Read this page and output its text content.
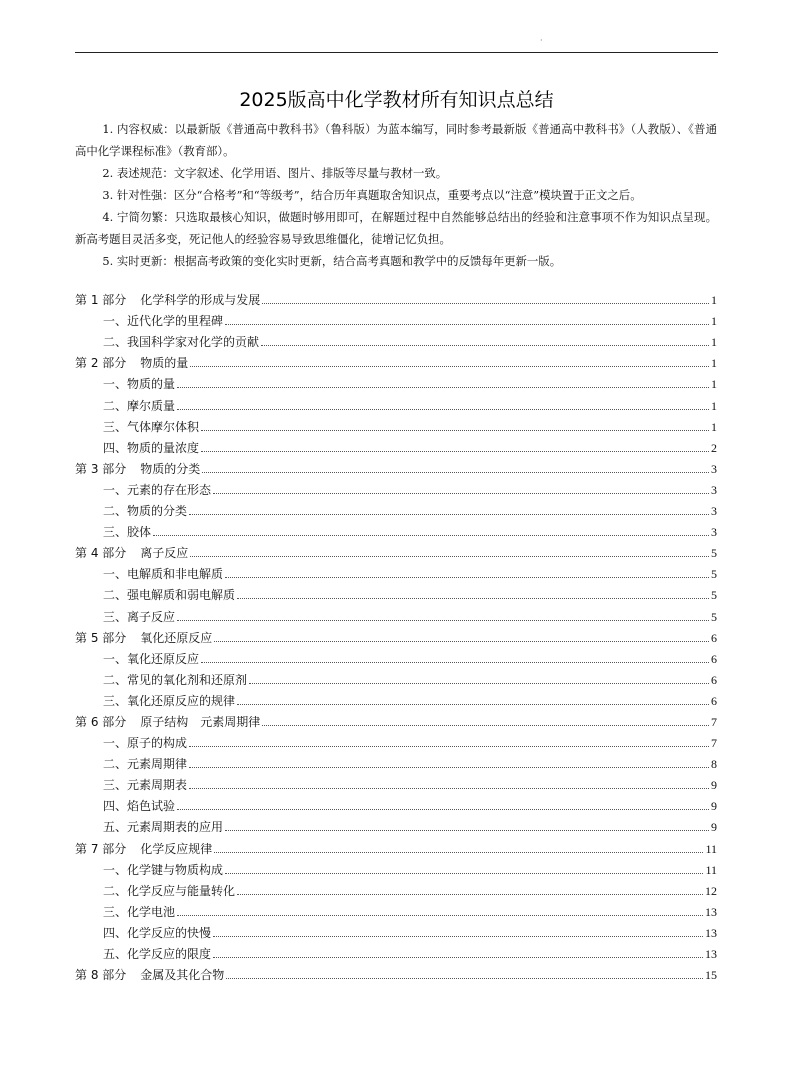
·
2025版高中化学教材所有知识点总结

1. 内容权威：以最新版《普通高中教科书》（鲁科版）为蓝本编写，同时参考最新版《普通高中教科书》（人教版）、《普通高中化学课程标准》（教育部）。

2. 表述规范：文字叙述、化学用语、图片、排版等尽量与教材一致。

3. 针对性强：区分“合格考”和“等级考”，结合历年真题取舍知识点，重要考点以“注意”模块置于正文之后。

4. 宁简勿繁：只选取最核心知识，做题时够用即可，在解题过程中自然能够总结出的经验和注意事项不作为知识点呈现。新高考题目灵活多变，死记他人的经验容易导致思维僵化，徒增记忆负担。

5. 实时更新：根据高考政策的变化实时更新，结合高考真题和教学中的反馈每年更新一版。

第 1 部分 化学科学的形成与发展	1
一、近代化学的里程碑	1
二、我国科学家对化学的贡献	1
第 2 部分 物质的量	1
一、物质的量	1
二、摩尔质量	1
三、气体摩尔体积	1
四、物质的量浓度	2
第 3 部分 物质的分类	3
一、元素的存在形态	3
二、物质的分类	3
三、胶体	3
第 4 部分 离子反应	5
一、电解质和非电解质	5
二、强电解质和弱电解质	5
三、离子反应	5
第 5 部分 氧化还原反应	6
一、氧化还原反应	6
二、常见的氧化剂和还原剂	6
三、氧化还原反应的规律	6
第 6 部分 原子结构　元素周期律	7
一、原子的构成	7
二、元素周期律	8
三、元素周期表	9
四、焰色试验	9
五、元素周期表的应用	9
第 7 部分 化学反应规律	11
一、化学键与物质构成	11
二、化学反应与能量转化	12
三、化学电池	13
四、化学反应的快慢	13
五、化学反应的限度	13
第 8 部分 金属及其化合物	15
